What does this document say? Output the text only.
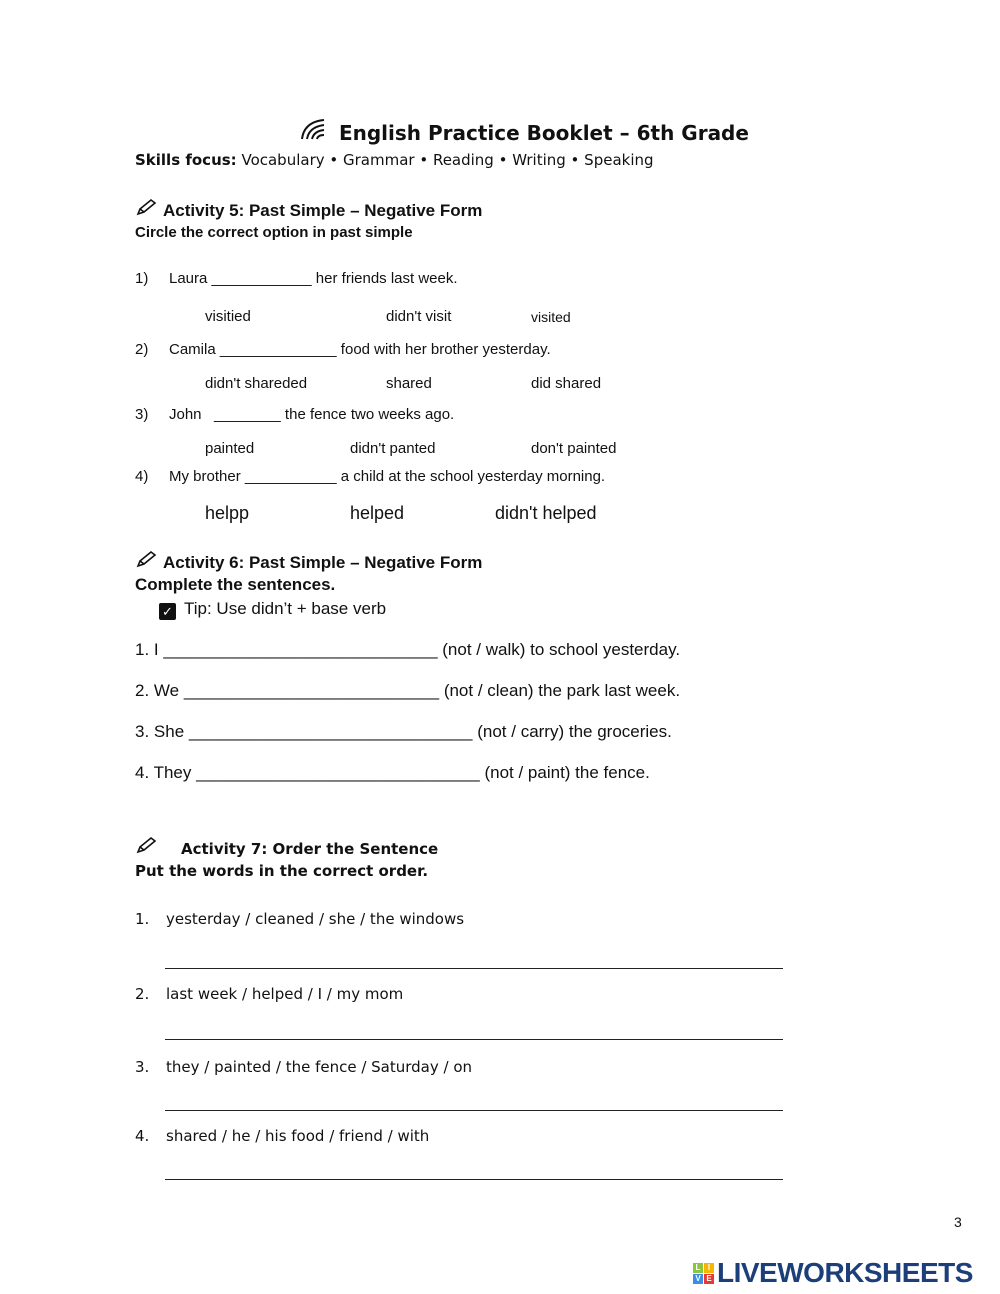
English Practice Booklet – 6th Grade
Skills focus: Vocabulary • Grammar • Reading • Writing • Speaking
Activity 5: Past Simple – Negative Form
Circle the correct option in past simple
1) Laura ____________ her friends last week.
visitied	didn't visit	visited
2) Camila ______________ food with her brother yesterday.
didn't shareded	shared	did shared
3) John   ________ the fence two weeks ago.
painted	didn't panted	don't painted
4) My brother ___________ a child at the school yesterday morning.
helpp	helped	didn't helped
Activity 6: Past Simple – Negative Form
Complete the sentences.
✓ Tip: Use didn’t + base verb
1. I _____________________________ (not / walk) to school yesterday.
2. We ___________________________ (not / clean) the park last week.
3. She ______________________________ (not / carry) the groceries.
4. They ______________________________ (not / paint) the fence.
Activity 7: Order the Sentence
Put the words in the correct order.
1. yesterday / cleaned / she / the windows
2. last week / helped / I / my mom
3. they / painted / the fence / Saturday / on
4. shared / he / his food / friend / with
3
L I
V E LIVEWORKSHEETS
